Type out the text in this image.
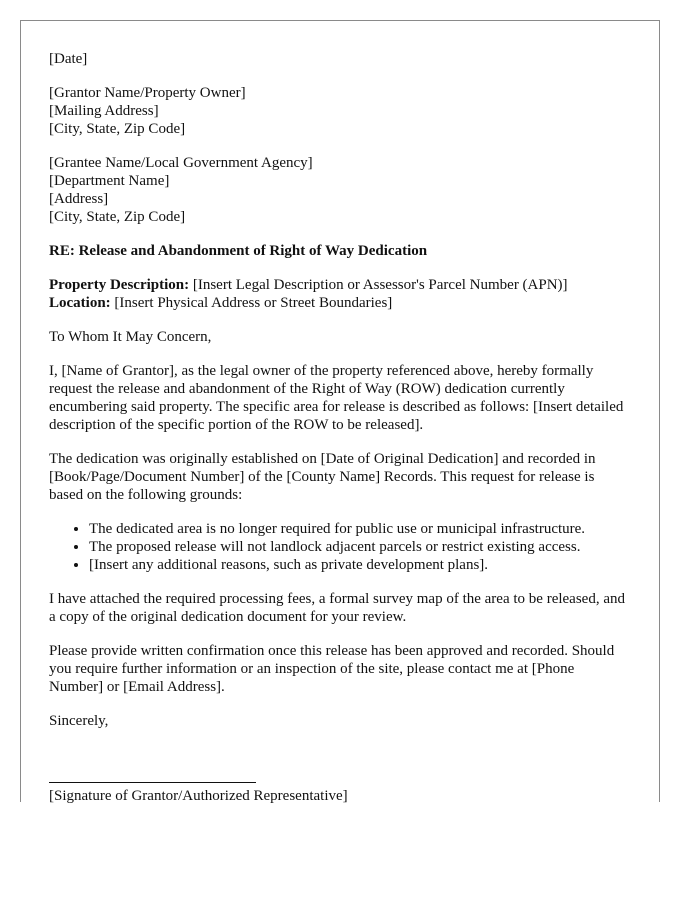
[Date]

[Grantor Name/Property Owner]
[Mailing Address]
[City, State, Zip Code]

[Grantee Name/Local Government Agency]
[Department Name]
[Address]
[City, State, Zip Code]

RE: Release and Abandonment of Right of Way Dedication

Property Description: [Insert Legal Description or Assessor's Parcel Number (APN)]
Location: [Insert Physical Address or Street Boundaries]

To Whom It May Concern,

I, [Name of Grantor], as the legal owner of the property referenced above, hereby formally request the release and abandonment of the Right of Way (ROW) dedication currently encumbering said property. The specific area for release is described as follows: [Insert detailed description of the specific portion of the ROW to be released].

The dedication was originally established on [Date of Original Dedication] and recorded in [Book/Page/Document Number] of the [County Name] Records. This request for release is based on the following grounds:

• The dedicated area is no longer required for public use or municipal infrastructure.
• The proposed release will not landlock adjacent parcels or restrict existing access.
• [Insert any additional reasons, such as private development plans].

I have attached the required processing fees, a formal survey map of the area to be released, and a copy of the original dedication document for your review.

Please provide written confirmation once this release has been approved and recorded. Should you require further information or an inspection of the site, please contact me at [Phone Number] or [Email Address].

Sincerely,

[Signature of Grantor/Authorized Representative]
